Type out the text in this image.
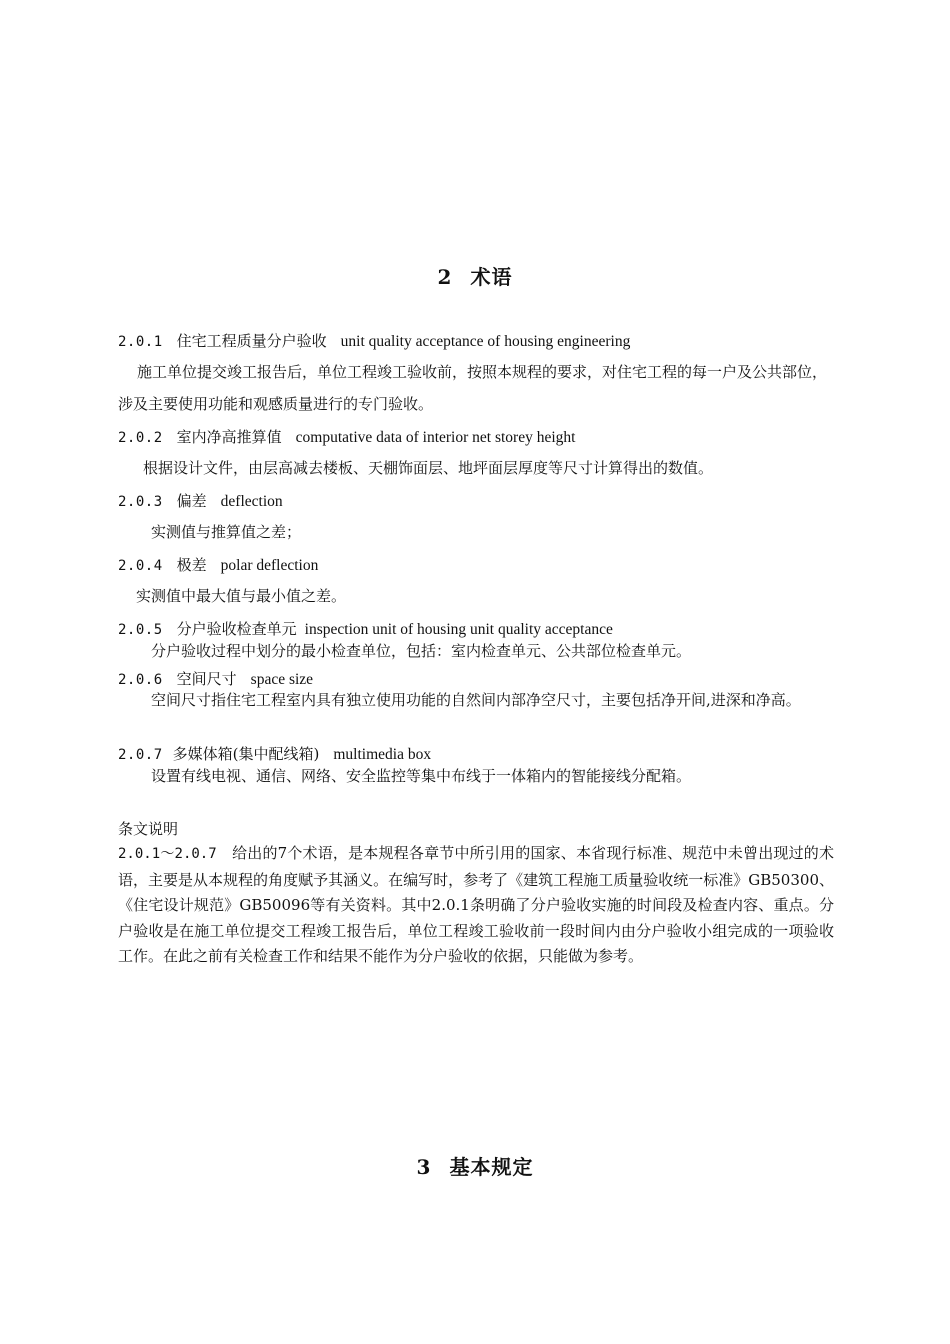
2 术语
2.0.1 住宅工程质量分户验收 unit quality acceptance of housing engineering
施工单位提交竣工报告后，单位工程竣工验收前，按照本规程的要求，对住宅工程的每一户及公共部位，涉及主要使用功能和观感质量进行的专门验收。
2.0.2 室内净高推算值 computative data of interior net storey height
根据设计文件，由层高减去楼板、天棚饰面层、地坪面层厚度等尺寸计算得出的数值。
2.0.3 偏差 deflection
实测值与推算值之差；
2.0.4 极差 polar deflection
实测值中最大值与最小值之差。
2.0.5 分户验收检查单元 inspection unit of housing unit quality acceptance
分户验收过程中划分的最小检查单位，包括：室内检查单元、公共部位检查单元。
2.0.6 空间尺寸 space size
空间尺寸指住宅工程室内具有独立使用功能的自然间内部净空尺寸，主要包括净开间,进深和净高。
2.0.7 多媒体箱(集中配线箱) multimedia box
设置有线电视、通信、网络、安全监控等集中布线于一体箱内的智能接线分配箱。
条文说明
2.0.1～2.0.7　 给出的7个术语，是本规程各章节中所引用的国家、本省现行标准、规范中未曾出现过的术语，主要是从本规程的角度赋予其涵义。在编写时，参考了《建筑工程施工质量验收统一标准》GB50300、《住宅设计规范》GB50096等有关资料。其中2.0.1条明确了分户验收实施的时间段及检查内容、重点。分户验收是在施工单位提交工程竣工报告后，单位工程竣工验收前一段时间内由分户验收小组完成的一项验收工作。在此之前有关检查工作和结果不能作为分户验收的依据，只能做为参考。
3 基本规定
